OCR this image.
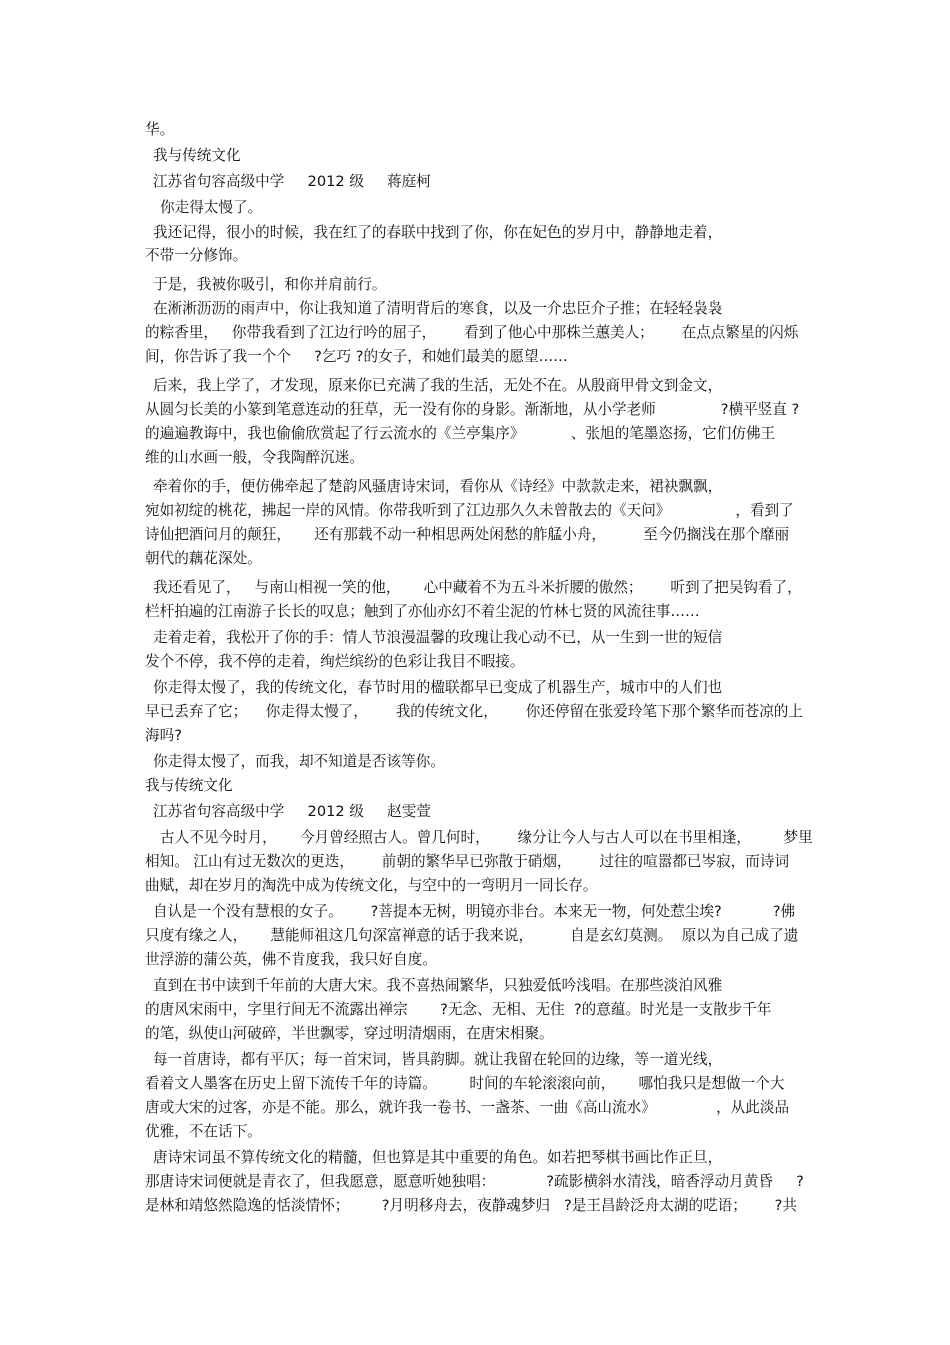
华。
我与传统文化
江苏省句容高级中学     2012 级     蒋庭柯
你走得太慢了。
我还记得，很小的时候，我在红了的春联中找到了你，你在妃色的岁月中，静静地走着，
不带一分修饰。
于是，我被你吸引，和你并肩前行。
在淅淅沥沥的雨声中，你让我知道了清明背后的寒食，以及一介忠臣介子推；在轻轻袅袅
的粽香里，   你带我看到了江边行吟的屈子，      看到了他心中那株兰蕙美人；      在点点繁星的闪烁
间，你告诉了我一个个     ?乞巧 ?的女子，和她们最美的愿望……
后来，我上学了，才发现，原来你已充满了我的生活，无处不在。从殷商甲骨文到金文，
从圆匀长美的小篆到笔意连动的狂草，无一没有你的身影。渐渐地，从小学老师              ?横平竖直 ?
的遍遍教诲中，我也偷偷欣赏起了行云流水的《兰亭集序》          、张旭的笔墨恣扬，它们仿佛王
维的山水画一般，令我陶醉沉迷。
牵着你的手，便仿佛牵起了楚韵风骚唐诗宋词，看你从《诗经》中款款走来，裙袂飘飘，
宛如初绽的桃花，拂起一岸的风情。你带我听到了江边那久久未曾散去的《天问》              ，看到了
诗仙把酒问月的颠狂，     还有那载不动一种相思两处闲愁的舴艋小舟，        至今仍搁浅在那个靡丽
朝代的藕花深处。
我还看见了，   与南山相视一笑的他，     心中藏着不为五斗米折腰的傲然；      听到了把吴钩看了，
栏杆拍遍的江南游子长长的叹息；触到了亦仙亦幻不着尘泥的竹林七贤的风流往事……
走着走着，我松开了你的手：情人节浪漫温馨的玫瑰让我心动不已，从一生到一世的短信
发个不停，我不停的走着，绚烂缤纷的色彩让我目不暇接。
你走得太慢了，我的传统文化，春节时用的楹联都早已变成了机器生产，城市中的人们也
早已丢弃了它；    你走得太慢了，      我的传统文化，      你还停留在张爱玲笔下那个繁华而苍凉的上
海吗?
你走得太慢了，而我，却不知道是否该等你。
我与传统文化
江苏省句容高级中学     2012 级     赵雯萱
古人不见今时月，     今月曾经照古人。曾几何时，      缘分让今人与古人可以在书里相逢，       梦里
相知。 江山有过无数次的更迭，      前朝的繁华早已弥散于硝烟，      过往的喧嚣都已岑寂，而诗词
曲赋，却在岁月的淘洗中成为传统文化，与空中的一弯明月一同长存。
自认是一个没有慧根的女子。      ?菩提本无树，明镜亦非台。本来无一物，何处惹尘埃?           ?佛
只度有缘之人，     慧能师祖这几句深富禅意的话于我来说，        自是玄幻莫测。  原以为自己成了遗
世浮游的蒲公英，佛不肯度我，我只好自度。
直到在书中读到千年前的大唐大宋。我不喜热闹繁华，只独爱低吟浅唱。在那些淡泊风雅
的唐风宋雨中，字里行间无不流露出禅宗       ?无念、无相、无住  ?的意蕴。时光是一支散步千年
的笔，纵使山河破碎，半世飘零，穿过明清烟雨，在唐宋相聚。
每一首唐诗，都有平仄；每一首宋词，皆具韵脚。就让我留在轮回的边缘，等一道光线，
看着文人墨客在历史上留下流传千年的诗篇。       时间的车轮滚滚向前，     哪怕我只是想做一个大
唐或大宋的过客，亦是不能。那么，就许我一卷书、一盏茶、一曲《高山流水》             ，从此淡品
优雅，不在话下。
唐诗宋词虽不算传统文化的精髓，但也算是其中重要的角色。如若把琴棋书画比作正旦，
那唐诗宋词便就是青衣了，但我愿意，愿意听她独唱：           ?疏影横斜水清浅，暗香浮动月黄昏     ?
是林和靖悠然隐逸的恬淡情怀；       ?月明移舟去，夜静魂梦归   ?是王昌龄泛舟太湖的呓语；      ?共
